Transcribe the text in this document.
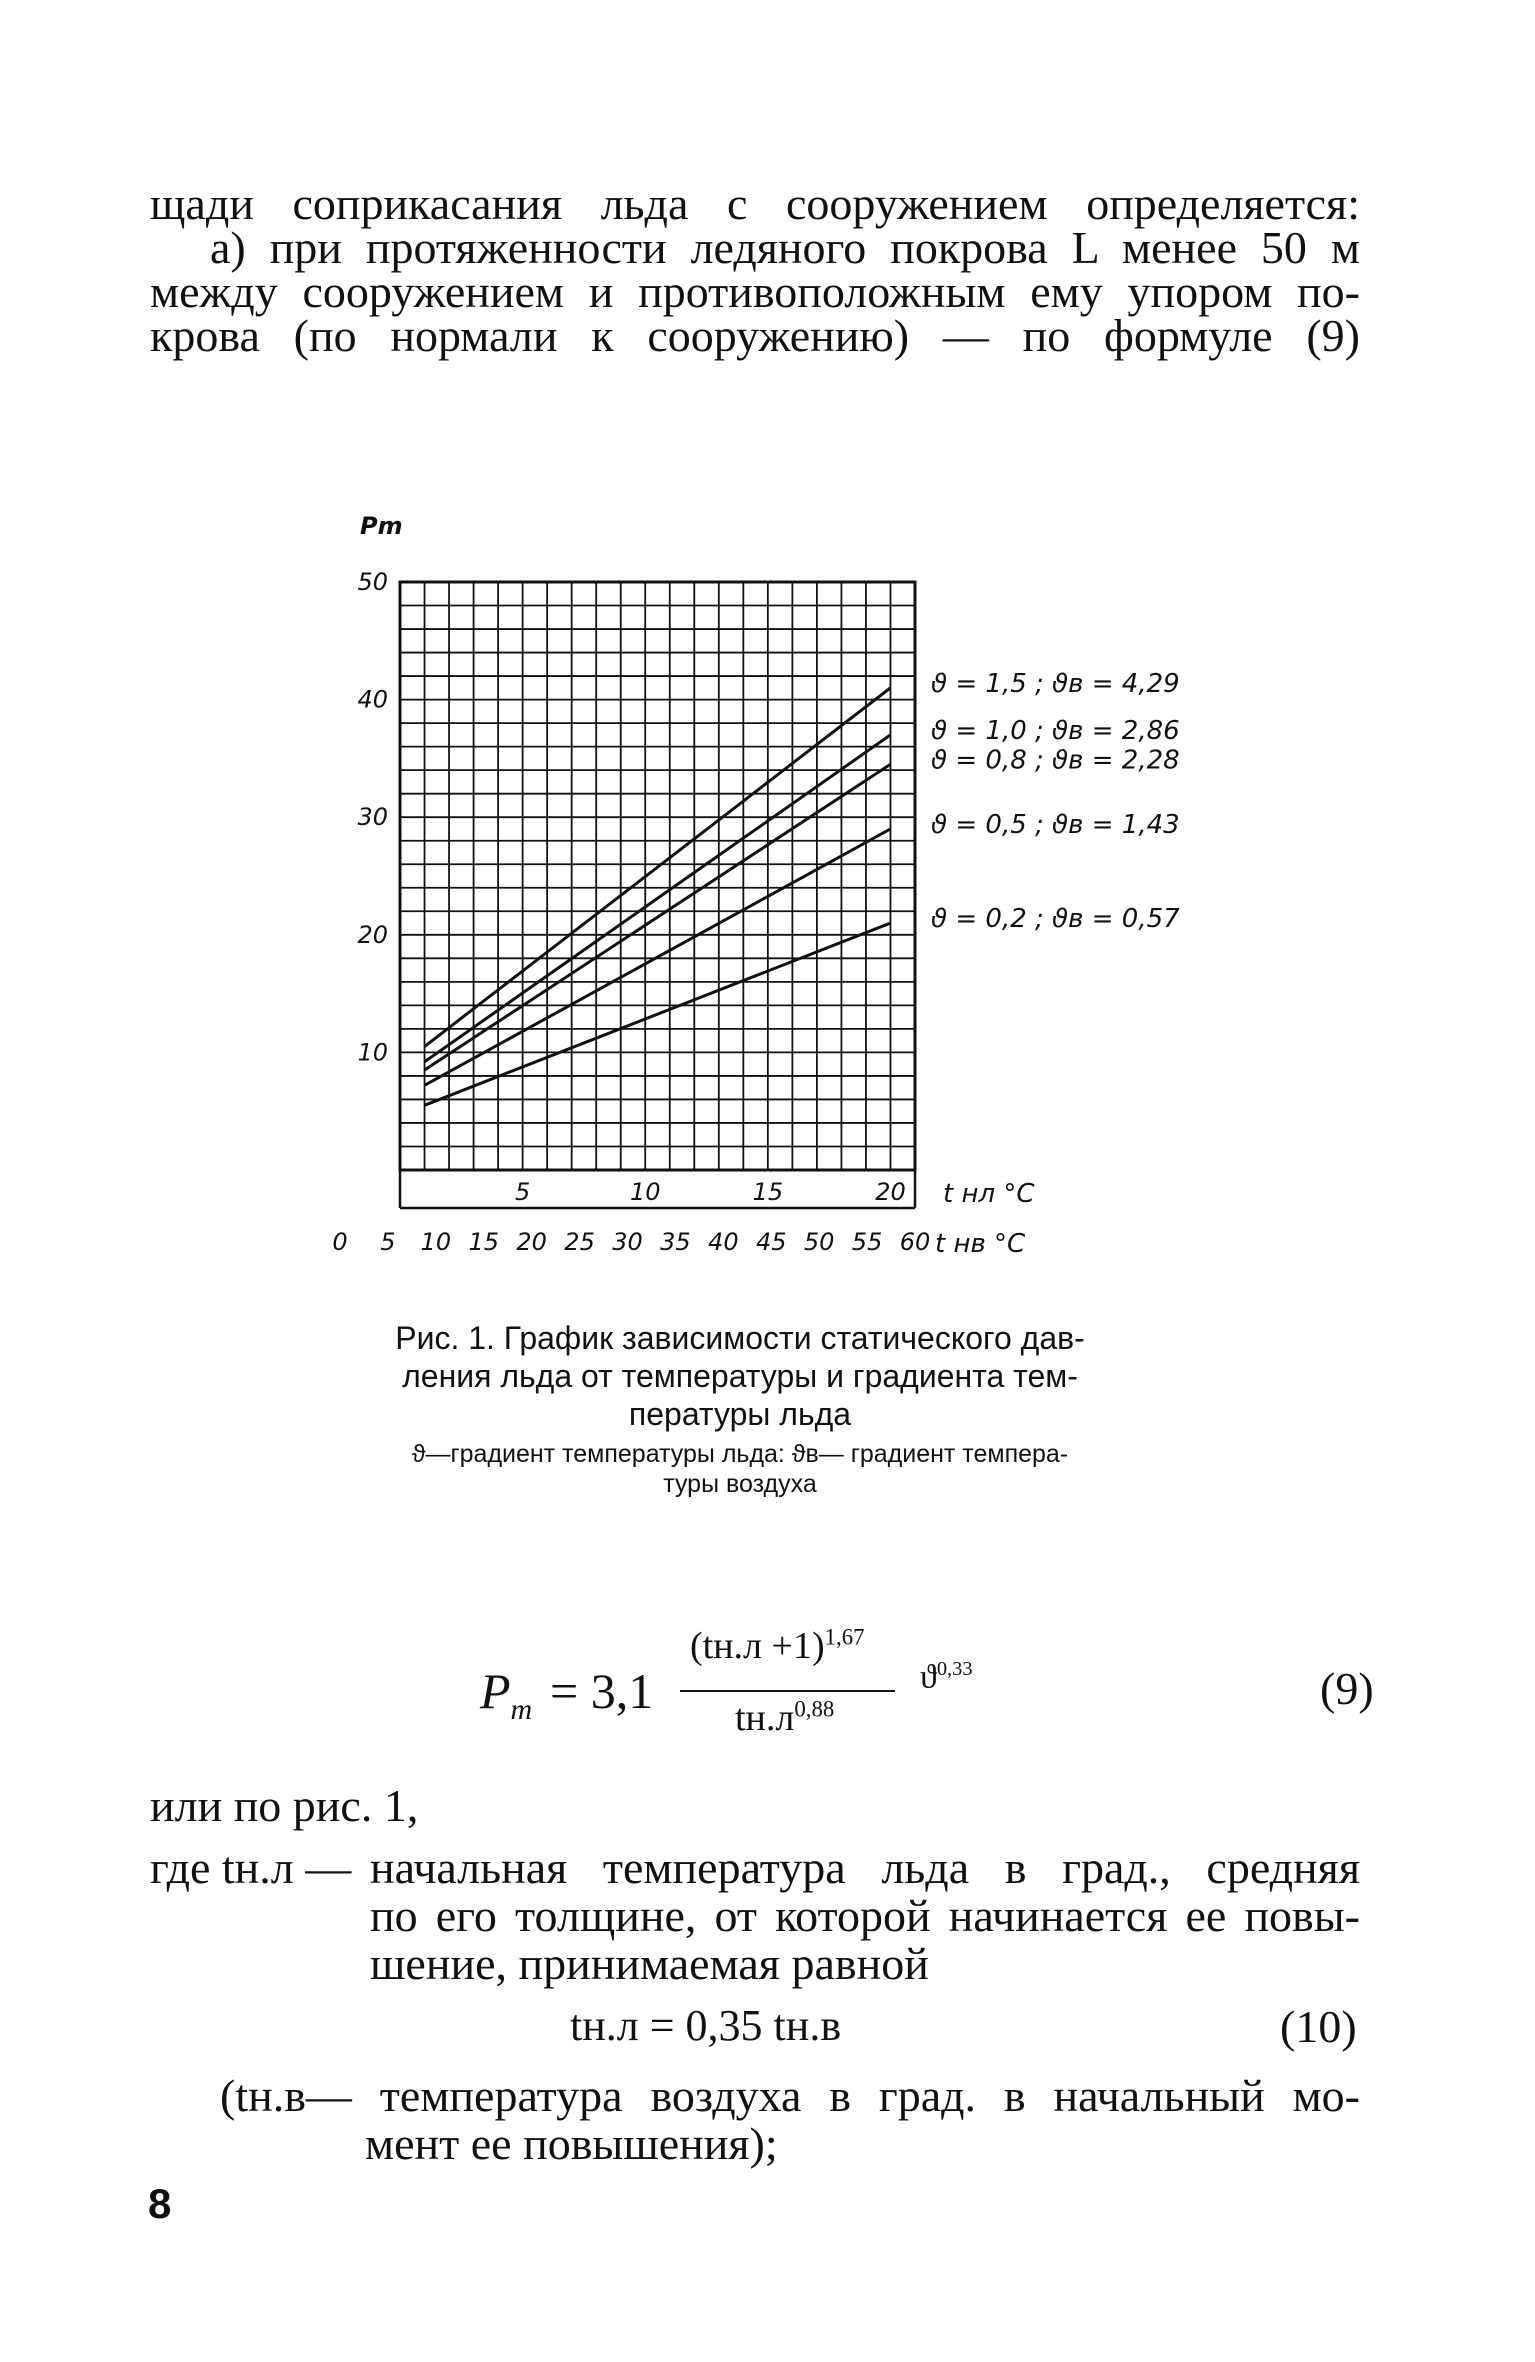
щади соприкасания льда с сооружением определяется:
а) при протяженности ледяного покрова L менее 50 м
между сооружением и противоположным ему упором по-
крова (по нормали к сооружению) — по формуле (9)
ϑ = 1,5 ; ϑв = 4,29
ϑ = 1,0 ; ϑв = 2,86
ϑ = 0,8 ; ϑв = 2,28
ϑ = 0,5 ; ϑв = 1,43
ϑ = 0,2 ; ϑв = 0,57
10
20
30
40
50
Pm
5	10	15	20 t нл °C
0 5 10 15 20 25 30 35 40 45 50 55 60 t нв °C
Рис. 1. График зависимости статического дав-
ления льда от температуры и градиента тем-
пературы льда
ϑ—градиент температуры льда: ϑв— градиент темпера-
туры воздуха
$P_m = 3,1$
$(tн.л +1)^{1,67}$
$tн.л^{0,88}$
$ϑ^{0,33}$	(9)
или по рис. 1,
где tн.л — начальная температура льда в град., средняя
по его толщине, от которой начинается ее повы-
шение, принимаемая равной
tн.л = 0,35 tн.в	(10)
(tн.в— температура воздуха в град. в начальный мо-
мент ее повышения);
8
